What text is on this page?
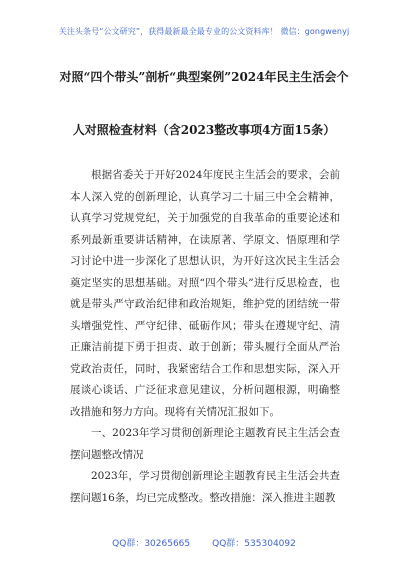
关注头条号“公文研究”，获得最新最全最专业的公文资料库！ 微信：gongwenyj
对照“四个带头”剖析“典型案例”2024年民主生活会个
人对照检查材料（含2023整改事项4方面15条）

根据省委关于开好2024年度民主生活会的要求，会前本人深入党的创新理论，认真学习二十届三中全会精神，认真学习党规党纪，关于加强党的自我革命的重要论述和系列最新重要讲话精神，在读原著、学原文、悟原理和学习讨论中进一步深化了思想认识，为开好这次民主生活会奠定坚实的思想基础。对照“四个带头”进行反思检查，也就是带头严守政治纪律和政治规矩，维护党的团结统一带头增强党性、严守纪律、砥砺作风；带头在遵规守纪、清正廉洁前提下勇于担责、敢于创新；带头履行全面从严治党政治责任，同时，我紧密结合工作和思想实际，深入开展谈心谈话、广泛征求意见建议，分析问题根源，明确整改措施和努力方向。现将有关情况汇报如下。

一、2023年学习贯彻创新理论主题教育民主生活会查摆问题整改情况

2023年，学习贯彻创新理论主题教育民主生活会共查摆问题16条，均已完成整改。整改措施：深入推进主题教

QQ群：30265665 QQ群：535304092
